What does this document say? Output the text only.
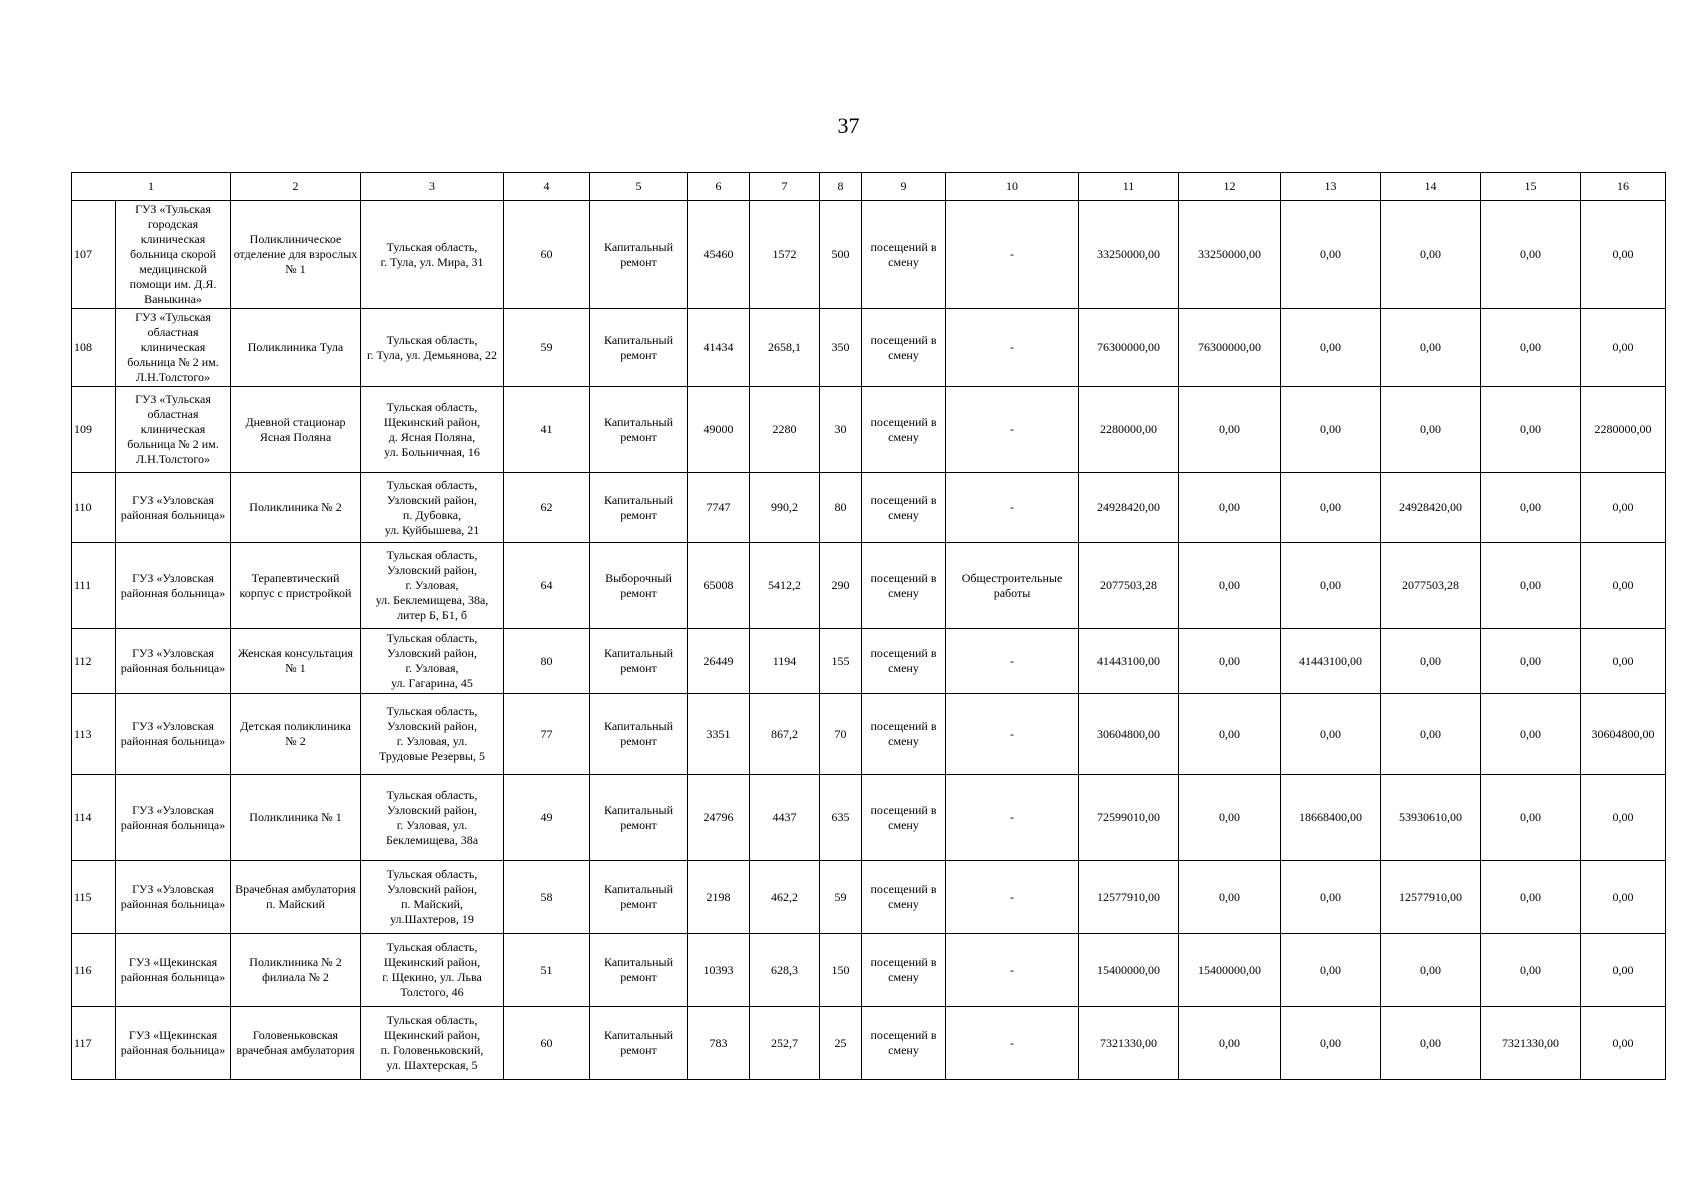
37
1		2	3	4	5	6	7	8	9	10	11	12	13	14	15	16
107	ГУЗ «Тульская городская клиническая больница скорой медицинской помощи им. Д.Я. Ваныкина»	Поликлиническое отделение для взрослых № 1	Тульская область,
г. Тула, ул. Мира, 31	60	Капитальный ремонт	45460	1572	500	посещений в смену	-	33250000,00	33250000,00	0,00	0,00	0,00	0,00
108	ГУЗ «Тульская областная клиническая больница № 2 им. Л.Н.Толстого»	Поликлиника Тула	Тульская область,
г. Тула, ул. Демьянова, 22	59	Капитальный ремонт	41434	2658,1	350	посещений в смену	-	76300000,00	76300000,00	0,00	0,00	0,00	0,00
109	ГУЗ «Тульская областная клиническая больница № 2 им. Л.Н.Толстого»	Дневной стационар Ясная Поляна	Тульская область,
Щекинский район,
д. Ясная Поляна,
ул. Больничная, 16	41	Капитальный ремонт	49000	2280	30	посещений в смену	-	2280000,00	0,00	0,00	0,00	0,00	2280000,00
110	ГУЗ «Узловская районная больница»	Поликлиника № 2	Тульская область,
Узловский район,
п. Дубовка,
ул. Куйбышева, 21	62	Капитальный ремонт	7747	990,2	80	посещений в смену	-	24928420,00	0,00	0,00	24928420,00	0,00	0,00
111	ГУЗ «Узловская районная больница»	Терапевтический корпус с пристройкой	Тульская область,
Узловский район,
г. Узловая,
ул. Беклемищева, 38а,
литер Б, Б1, б	64	Выборочный ремонт	65008	5412,2	290	посещений в смену	Общестроительные работы	2077503,28	0,00	0,00	2077503,28	0,00	0,00
112	ГУЗ «Узловская районная больница»	Женская консультация № 1	Тульская область,
Узловский район,
г. Узловая,
ул. Гагарина, 45	80	Капитальный ремонт	26449	1194	155	посещений в смену	-	41443100,00	0,00	41443100,00	0,00	0,00	0,00
113	ГУЗ «Узловская районная больница»	Детская поликлиника № 2	Тульская область,
Узловский район,
г. Узловая, ул.
Трудовые Резервы, 5	77	Капитальный ремонт	3351	867,2	70	посещений в смену	-	30604800,00	0,00	0,00	0,00	0,00	30604800,00
114	ГУЗ «Узловская районная больница»	Поликлиника № 1	Тульская область,
Узловский район,
г. Узловая, ул.
Беклемищева, 38а	49	Капитальный ремонт	24796	4437	635	посещений в смену	-	72599010,00	0,00	18668400,00	53930610,00	0,00	0,00
115	ГУЗ «Узловская районная больница»	Врачебная амбулатория п. Майский	Тульская область,
Узловский район,
п. Майский,
ул.Шахтеров, 19	58	Капитальный ремонт	2198	462,2	59	посещений в смену	-	12577910,00	0,00	0,00	12577910,00	0,00	0,00
116	ГУЗ «Щекинская районная больница»	Поликлиника № 2 филиала № 2	Тульская область,
Щекинский район,
г. Щекино, ул. Льва Толстого, 46	51	Капитальный ремонт	10393	628,3	150	посещений в смену	-	15400000,00	15400000,00	0,00	0,00	0,00	0,00
117	ГУЗ «Щекинская районная больница»	Головеньковская врачебная амбулатория	Тульская область,
Щекинский район,
п. Головеньковский,
ул. Шахтерская, 5	60	Капитальный ремонт	783	252,7	25	посещений в смену	-	7321330,00	0,00	0,00	0,00	7321330,00	0,00
